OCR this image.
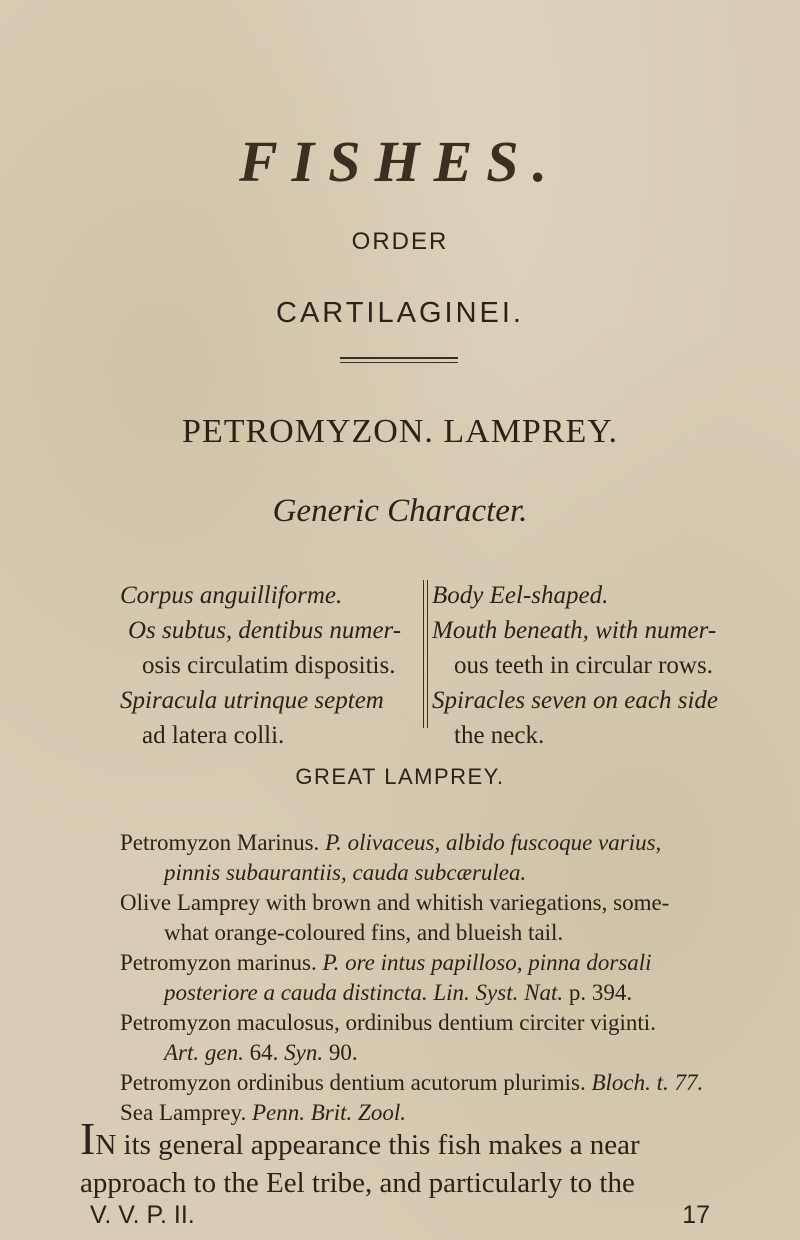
FISHES.
ORDER
CARTILAGINEI.
PETROMYZON. LAMPREY.
Generic Character.

Corpus anguilliforme.

Os subtus, dentibus numer-

osis circulatim dispositis.

Spiracula utrinque septem

ad latera colli.

Body Eel-shaped.

Mouth beneath, with numer-

ous teeth in circular rows.

Spiracles seven on each side

the neck.

GREAT LAMPREY.

Petromyzon Marinus. P. olivaceus, albido fuscoque varius,

pinnis subaurantiis, cauda subcærulea.

Olive Lamprey with brown and whitish variegations, some-

what orange-coloured fins, and blueish tail.

Petromyzon marinus. P. ore intus papilloso, pinna dorsali

posteriore a cauda distincta. Lin. Syst. Nat. p. 394.

Petromyzon maculosus, ordinibus dentium circiter viginti.

Art. gen. 64. Syn. 90.

Petromyzon ordinibus dentium acutorum plurimis. Bloch. t. 77.

Sea Lamprey. Penn. Brit. Zool.

IN its general appearance this fish makes a near

approach to the Eel tribe, and particularly to the

V. V. P. II.	17
